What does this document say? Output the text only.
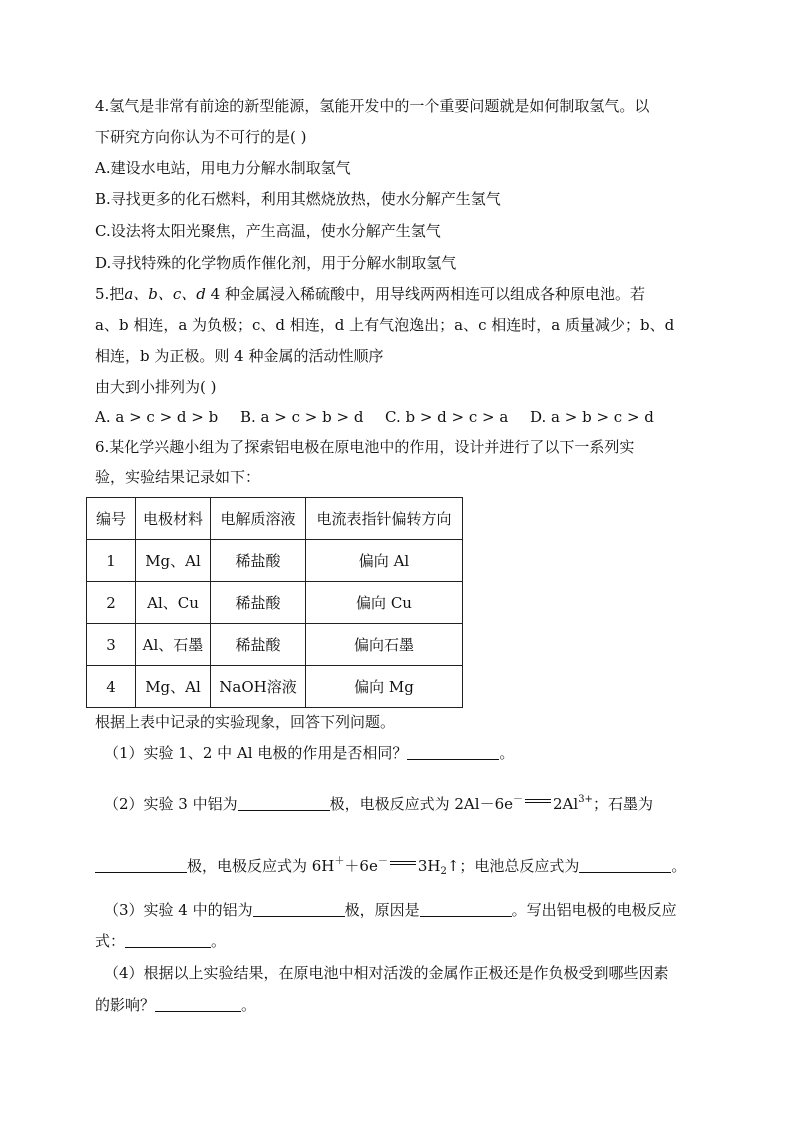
4.氢气是非常有前途的新型能源，氢能开发中的一个重要问题就是如何制取氢气。以
下研究方向你认为不可行的是( )
A.建设水电站，用电力分解水制取氢气
B.寻找更多的化石燃料，利用其燃烧放热，使水分解产生氢气
C.设法将太阳光聚焦，产生高温，使水分解产生氢气
D.寻找特殊的化学物质作催化剂，用于分解水制取氢气
5.把a、b、c、d 4 种金属浸入稀硫酸中，用导线两两相连可以组成各种原电池。若
a、b 相连，a 为负极；c、d 相连，d 上有气泡逸出；a、c 相连时，a 质量减少；b、d
相连，b 为正极。则 4 种金属的活动性顺序
由大到小排列为( )
A. a > c > d > b B. a > c > b > d C. b > d > c > a D. a > b > c > d
6.某化学兴趣小组为了探索铝电极在原电池中的作用，设计并进行了以下一系列实
验，实验结果记录如下：
编号	电极材料	电解质溶液	电流表指针偏转方向
1	Mg、Al	稀盐酸	偏向 Al
2	Al、Cu	稀盐酸	偏向 Cu
3	Al、石墨	稀盐酸	偏向石墨
4	Mg、Al	NaOH溶液	偏向 Mg
根据上表中记录的实验现象，回答下列问题。
（1）实验 1、2 中 Al 电极的作用是否相同？	。
（2）实验 3 中铝为	极，电极反应式为 2Al－6e－ $2Al^{3+}$；石墨为
极，电极反应式为 6H＋＋6e－ $3H_2↑$；电池总反应式为	。
（3）实验 4 中的铝为	极，原因是	。写出铝电极的电极反应
式：	。
（4）根据以上实验结果，在原电池中相对活泼的金属作正极还是作负极受到哪些因素
的影响？	。
